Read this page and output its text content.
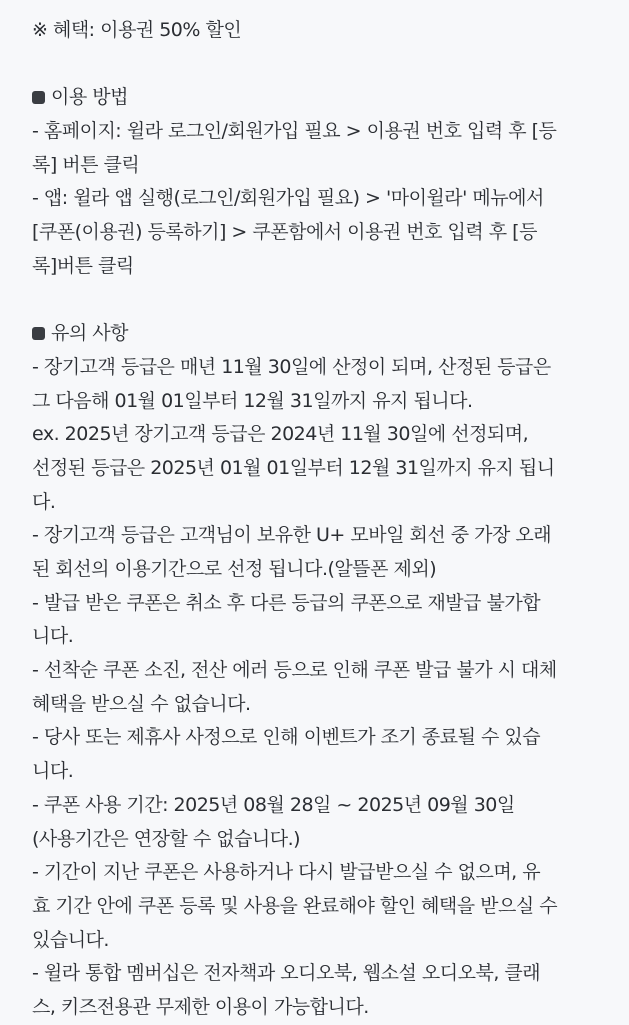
※ 혜택: 이용권 50% 할인
이용 방법
- 홈페이지: 윌라 로그인/회원가입 필요 > 이용권 번호 입력 후 [등
록] 버튼 클릭
- 앱: 윌라 앱 실행(로그인/회원가입 필요) > '마이윌라' 메뉴에서
[쿠폰(이용권) 등록하기] > 쿠폰함에서 이용권 번호 입력 후 [등
록]버튼 클릭
유의 사항
- 장기고객 등급은 매년 11월 30일에 산정이 되며, 산정된 등급은
그 다음해 01월 01일부터 12월 31일까지 유지 됩니다.
ex. 2025년 장기고객 등급은 2024년 11월 30일에 선정되며,
선정된 등급은 2025년 01월 01일부터 12월 31일까지 유지 됩니
다.
- 장기고객 등급은 고객님이 보유한 U+ 모바일 회선 중 가장 오래
된 회선의 이용기간으로 선정 됩니다.(알뜰폰 제외)
- 발급 받은 쿠폰은 취소 후 다른 등급의 쿠폰으로 재발급 불가합
니다.
- 선착순 쿠폰 소진, 전산 에러 등으로 인해 쿠폰 발급 불가 시 대체
혜택을 받으실 수 없습니다.
- 당사 또는 제휴사 사정으로 인해 이벤트가 조기 종료될 수 있습
니다.
- 쿠폰 사용 기간: 2025년 08월 28일 ~ 2025년 09월 30일
(사용기간은 연장할 수 없습니다.)
- 기간이 지난 쿠폰은 사용하거나 다시 발급받으실 수 없으며, 유
효 기간 안에 쿠폰 등록 및 사용을 완료해야 할인 혜택을 받으실 수
있습니다.
- 윌라 통합 멤버십은 전자책과 오디오북, 웹소설 오디오북, 클래
스, 키즈전용관 무제한 이용이 가능합니다.
